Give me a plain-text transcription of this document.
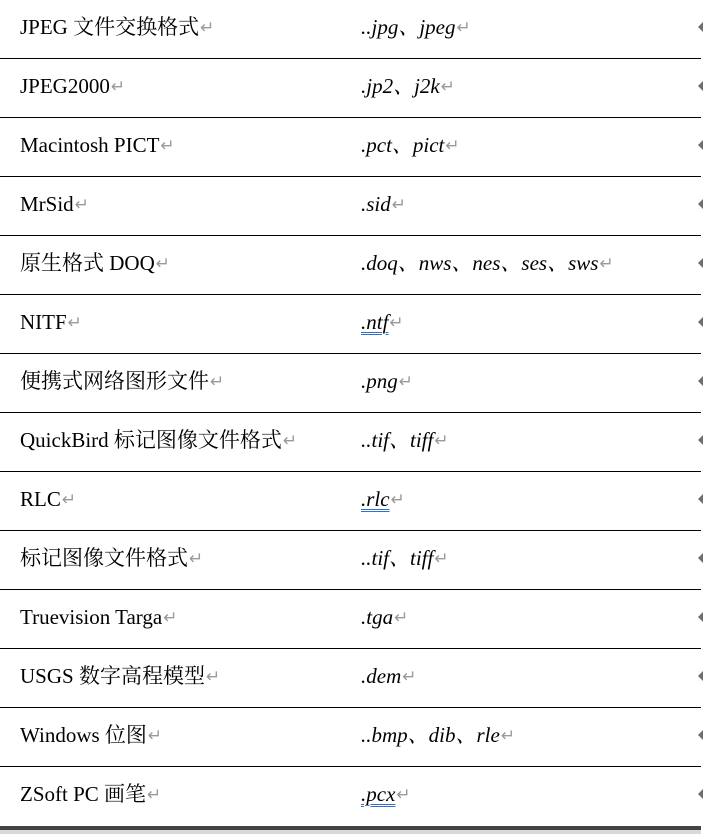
JPEG 文件交换格式↵	..jpg、jpeg↵
JPEG2000↵	.jp2、j2k↵
Macintosh PICT↵	.pct、pict↵
MrSid↵	.sid↵
原生格式 DOQ↵	.doq、nws、nes、ses、sws↵
NITF↵	.ntf↵
便携式网络图形文件↵	.png↵
QuickBird 标记图像文件格式↵	..tif、tiff↵
RLC↵	.rlc↵
标记图像文件格式↵	..tif、tiff↵
Truevision Targa↵	.tga↵
USGS 数字高程模型↵	.dem↵
Windows 位图↵	..bmp、dib、rle↵
ZSoft PC 画笔↵	.pcx↵
